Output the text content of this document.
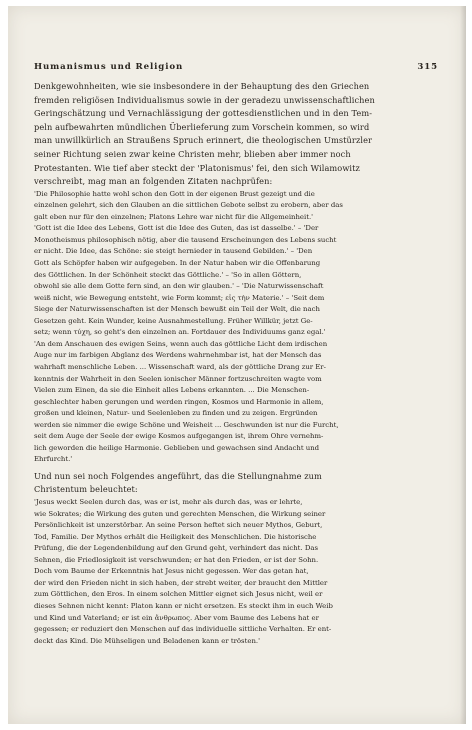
Humanismus und Religion	315
Denkgewohnheiten, wie sie insbesondere in der Behauptung des den Griechen
fremden religiösen Individualismus sowie in der geradezu unwissenschaftlichen
Geringschätzung und Vernachlässigung der gottesdienstlichen und in den Tem-
peln aufbewahrten mündlichen Überlieferung zum Vorschein kommen, so wird
man unwillkürlich an Straußens Spruch erinnert, die theologischen Umstürzler
seiner Richtung seien zwar keine Christen mehr, blieben aber immer noch
Protestanten. Wie tief aber steckt der 'Platonismus' fei, den sich Wilamowitz
verschreibt, mag man an folgenden Zitaten nachprüfen:
'Die Philosophie hatte wohl schon den Gott in der eigenen Brust gezeigt und die
einzelnen gelehrt, sich den Glauben an die sittlichen Gebote selbst zu erobern, aber das
galt eben nur für den einzelnen; Platons Lehre war nicht für die Allgemeinheit.'
'Gott ist die Idee des Lebens, Gott ist die Idee des Guten, das ist dasselbe.' – 'Der
Monotheismus philosophisch nötig, aber die tausend Erscheinungen des Lebens sucht
er nicht. Die Idee, das Schöne: sie steigt hernieder in tausend Gebilden.' – 'Den
Gott als Schöpfer haben wir aufgegeben. In der Natur haben wir die Offenbarung
des Göttlichen. In der Schönheit steckt das Göttliche.' – 'So in allen Göttern,
obwohl sie alle dem Gotte fern sind, an den wir glauben.' – 'Die Naturwissenschaft
weiß nicht, wie Bewegung entsteht, wie Form kommt; εἰς τὴν Materie.' – 'Seit dem
Siege der Naturwissenschaften ist der Mensch bewußt ein Teil der Welt, die nach
Gesetzen geht. Kein Wunder, keine Ausnahmestellung. Früher Willkür, jetzt Ge-
setz; wenn τύχη, so geht's den einzelnen an. Fortdauer des Individuums ganz egal.'
'An dem Anschauen des ewigen Seins, wenn auch das göttliche Licht dem irdischen
Auge nur im farbigen Abglanz des Werdens wahrnehmbar ist, hat der Mensch das
wahrhaft menschliche Leben. ... Wissenschaft ward, als der göttliche Drang zur Er-
kenntnis der Wahrheit in den Seelen ionischer Männer fortzuschreiten wagte vom
Vielen zum Einen, da sie die Einheit alles Lebens erkannten. ... Die Menschen-
geschlechter haben gerungen und werden ringen, Kosmos und Harmonie in allem,
großen und kleinen, Natur- und Seelenleben zu finden und zu zeigen. Ergründen
werden sie nimmer die ewige Schöne und Weisheit ... Geschwunden ist nur die Furcht,
seit dem Auge der Seele der ewige Kosmos aufgegangen ist, ihrem Ohre vernehm-
lich geworden die heilige Harmonie. Geblieben und gewachsen sind Andacht und
Ehrfurcht.'
Und nun sei noch Folgendes angeführt, das die Stellungnahme zum
Christentum beleuchtet:
'Jesus weckt Seelen durch das, was er ist, mehr als durch das, was er lehrte,
wie Sokrates; die Wirkung des guten und gerechten Menschen, die Wirkung seiner
Persönlichkeit ist unzerstörbar. An seine Person heftet sich neuer Mythos, Geburt,
Tod, Familie. Der Mythos erhält die Heiligkeit des Menschlichen. Die historische
Prüfung, die der Legendenbildung auf den Grund geht, verhindert das nicht. Das
Sehnen, die Friedlosigkeit ist verschwunden; er hat den Frieden, er ist der Sohn.
Doch vom Baume der Erkenntnis hat Jesus nicht gegessen. Wer das getan hat,
der wird den Frieden nicht in sich haben, der strebt weiter, der braucht den Mittler
zum Göttlichen, den Eros. In einem solchen Mittler eignet sich Jesus nicht, weil er
dieses Sehnen nicht kennt: Platon kann er nicht ersetzen. Es steckt ihm in euch Weib
und Kind und Vaterland; er ist ein ἄνθρωπος. Aber vom Baume des Lebens hat er
gegessen; er reduziert den Menschen auf das individuelle sittliche Verhalten. Er ent-
deckt das Kind. Die Mühseligen und Beladenen kann er trösten.'
